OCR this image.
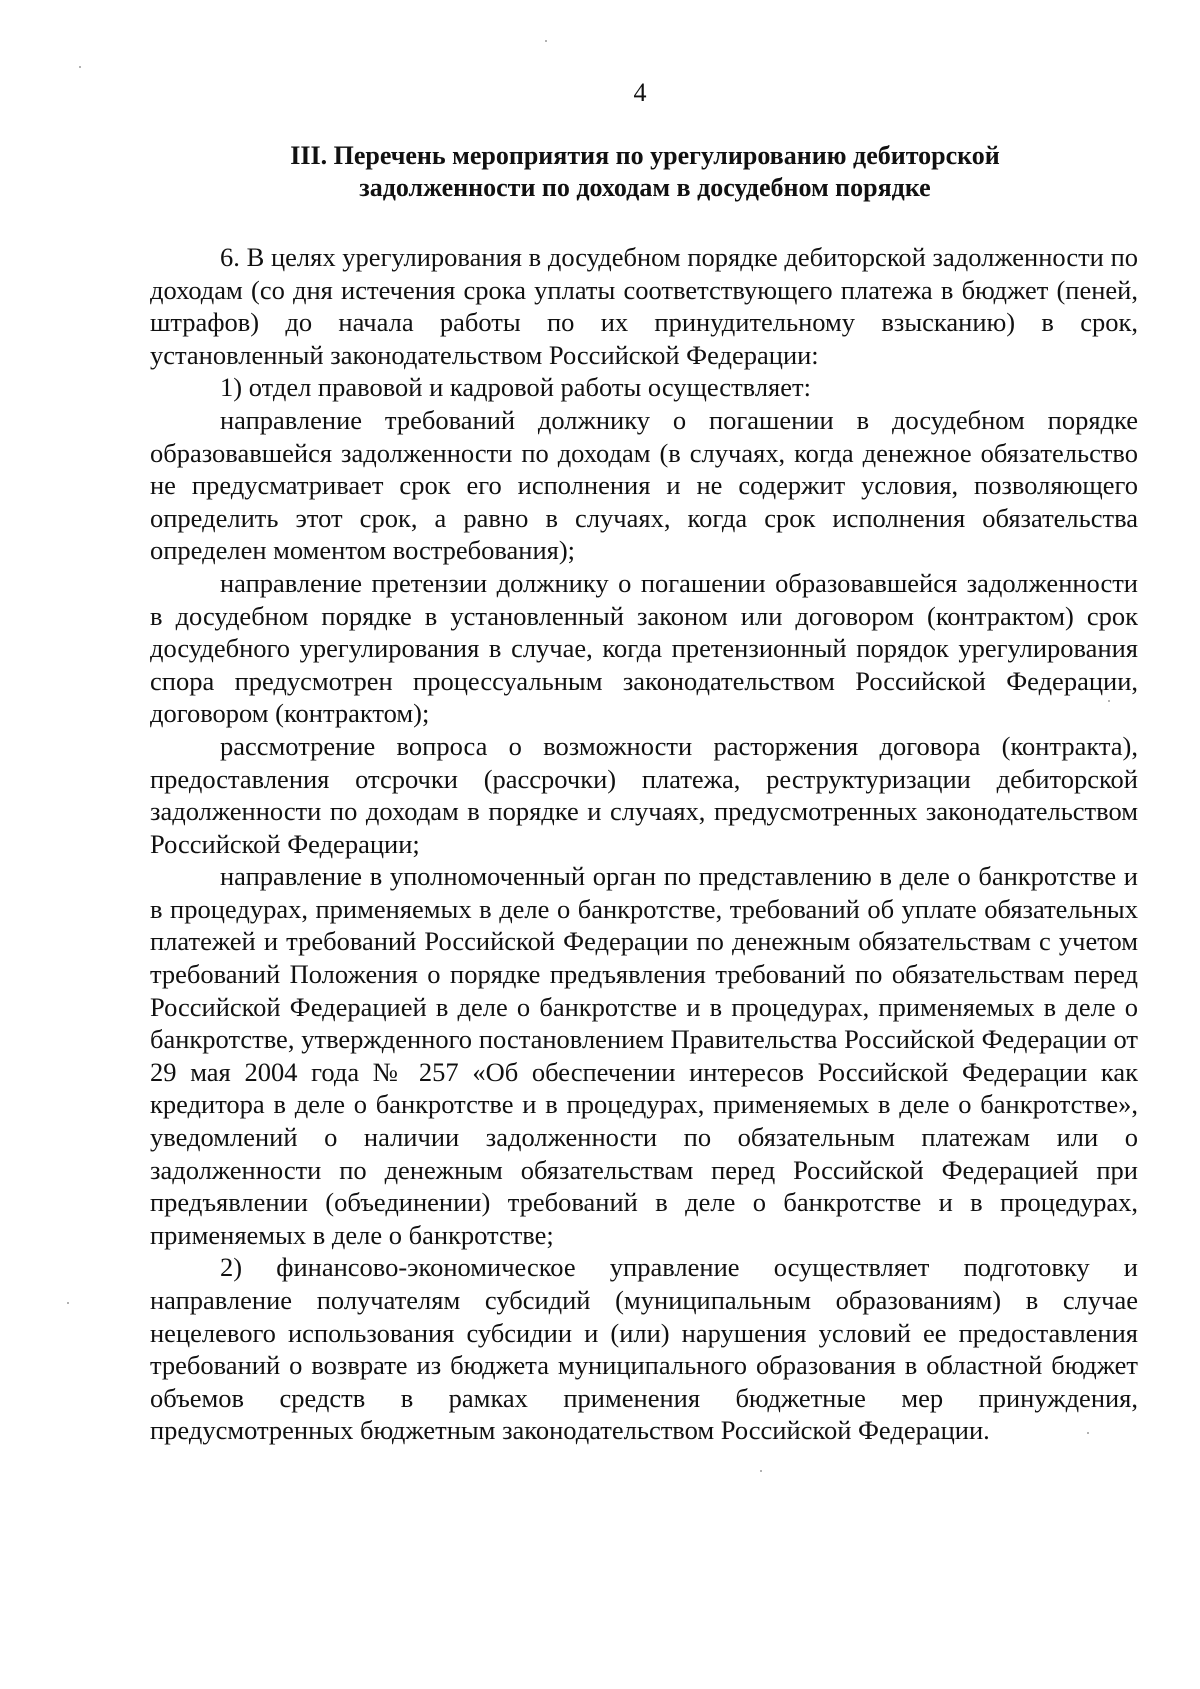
4
III. Перечень мероприятия по урегулированию дебиторской
задолженности по доходам в досудебном порядке

6. В целях урегулирования в досудебном порядке дебиторской задолженности по доходам (со дня истечения срока уплаты соответствующего платежа в бюджет (пеней, штрафов) до начала работы по их принудительному взысканию) в срок, установленный законодательством Российской Федерации:

1) отдел правовой и кадровой работы осуществляет:

направление требований должнику о погашении в досудебном порядке образовавшейся задолженности по доходам (в случаях, когда денежное обязательство не предусматривает срок его исполнения и не содержит условия, позволяющего определить этот срок, а равно в случаях, когда срок исполнения обязательства определен моментом востребования);

направление претензии должнику о погашении образовавшейся задолженности в досудебном порядке в установленный законом или договором (контрактом) срок досудебного урегулирования в случае, когда претензионный порядок урегулирования спора предусмотрен процессуальным законодательством Российской Федерации, договором (контрактом);

рассмотрение вопроса о возможности расторжения договора (контракта), предоставления отсрочки (рассрочки) платежа, реструктуризации дебиторской задолженности по доходам в порядке и случаях, предусмотренных законодательством Российской Федерации;

направление в уполномоченный орган по представлению в деле о банкротстве и в процедурах, применяемых в деле о банкротстве, требований об уплате обязательных платежей и требований Российской Федерации по денежным обязательствам с учетом требований Положения о порядке предъявления требований по обязательствам перед Российской Федерацией в деле о банкротстве и в процедурах, применяемых в деле о банкротстве, утвержденного постановлением Правительства Российской Федерации от 29 мая 2004 года № 257 «Об обеспечении интересов Российской Федерации как кредитора в деле о банкротстве и в процедурах, применяемых в деле о банкротстве», уведомлений о наличии задолженности по обязательным платежам или о задолженности по денежным обязательствам перед Российской Федерацией при предъявлении (объединении) требований в деле о банкротстве и в процедурах, применяемых в деле о банкротстве;

2) финансово-экономическое управление осуществляет подготовку и направление получателям субсидий (муниципальным образованиям) в случае нецелевого использования субсидии и (или) нарушения условий ее предоставления требований о возврате из бюджета муниципального образования в областной бюджет объемов средств в рамках применения бюджетные мер принуждения, предусмотренных бюджетным законодательством Российской Федерации.
